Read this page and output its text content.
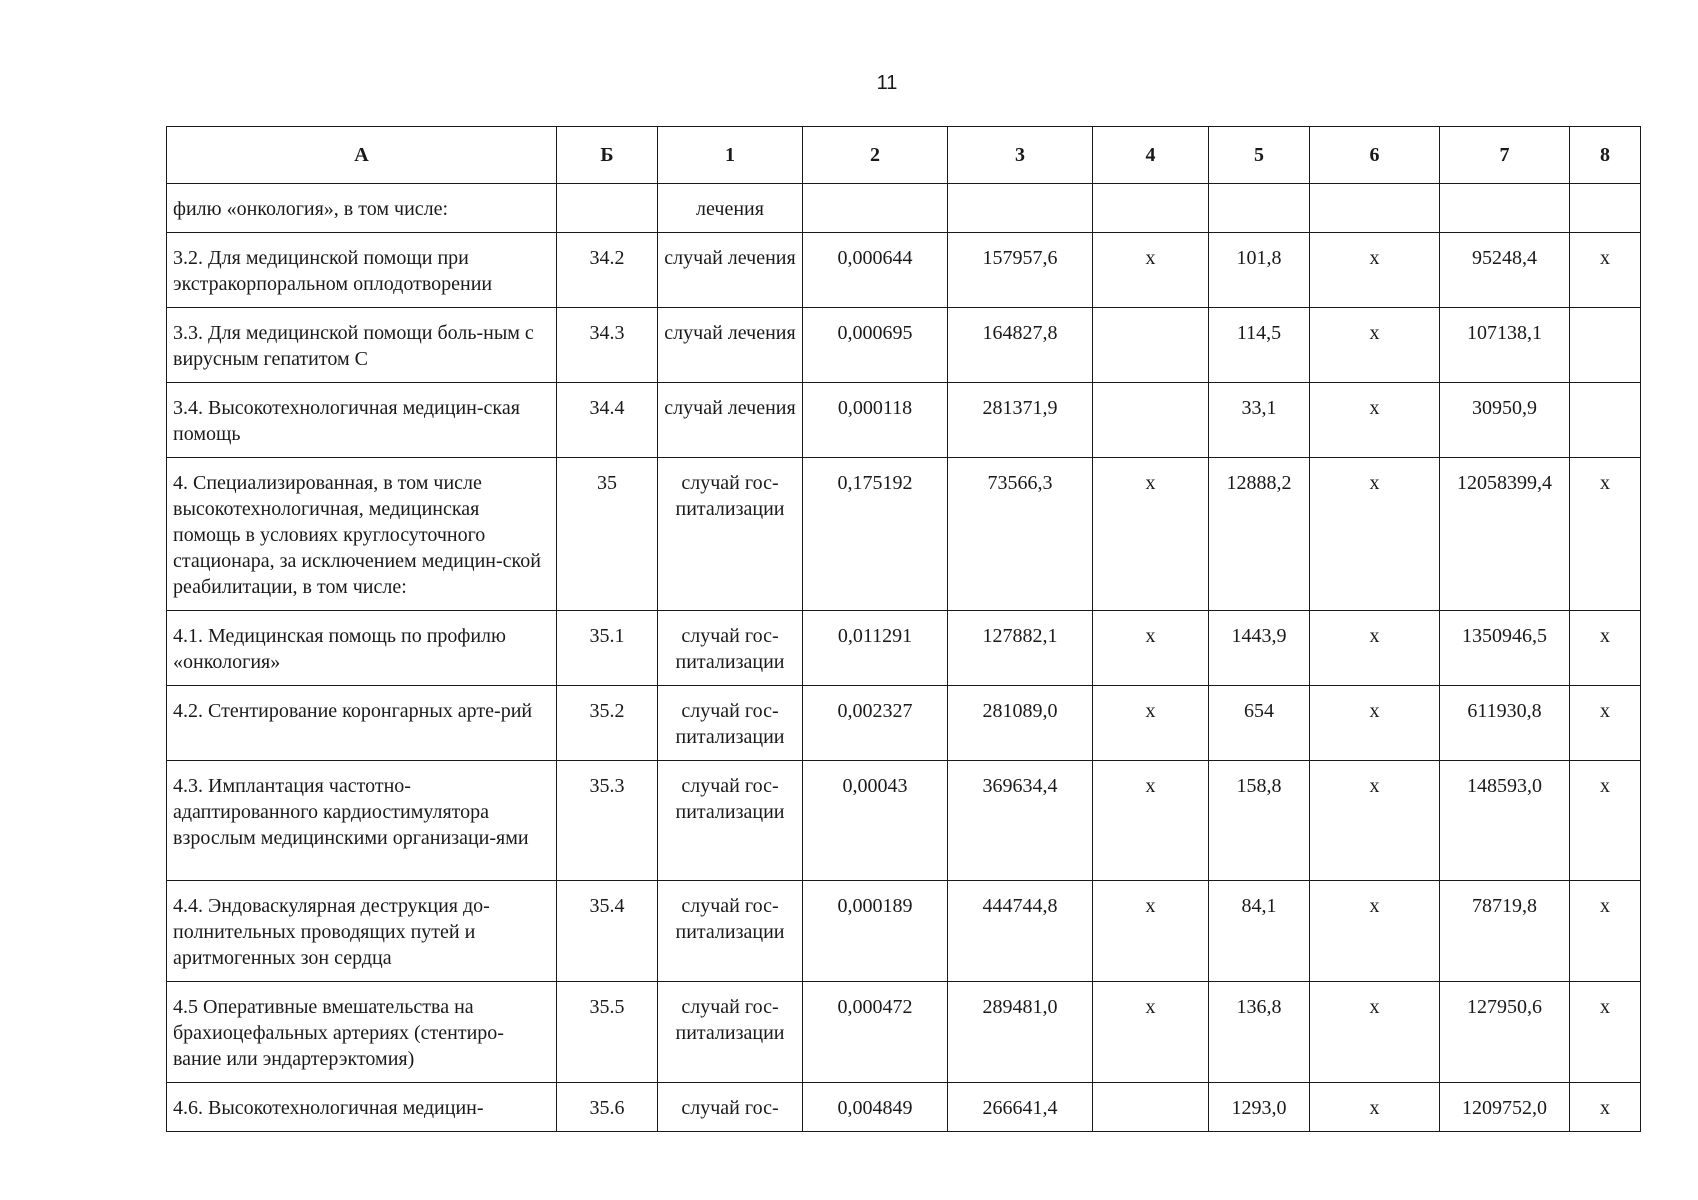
11
А	Б	1	2	3	4	5	6	7	8
филю «онкология», в том числе:		лечения							
3.2. Для медицинской помощи при экстракорпоральном оплодотворении	34.2	случай лечения	0,000644	157957,6	х	101,8	х	95248,4	х
3.3. Для медицинской помощи боль-ным с вирусным гепатитом С	34.3	случай лечения	0,000695	164827,8		114,5	х	107138,1	
3.4. Высокотехнологичная медицин-ская помощь	34.4	случай лечения	0,000118	281371,9		33,1	х	30950,9	
4. Специализированная, в том числе высокотехнологичная, медицинская помощь в условиях круглосуточного стационара, за исключением медицин-ской реабилитации, в том числе:	35	случай гос-питализации	0,175192	73566,3	х	12888,2	х	12058399,4	х
4.1. Медицинская помощь по профилю «онкология»	35.1	случай гос-питализации	0,011291	127882,1	х	1443,9	х	1350946,5	х
4.2. Стентирование коронгарных арте-рий	35.2	случай гос-питализации	0,002327	281089,0	х	654	х	611930,8	х
4.3. Имплантация частотно-адаптированного кардиостимулятора взрослым медицинскими организаци-ями	35.3	случай гос-питализации	0,00043	369634,4	х	158,8	х	148593,0	х
4.4. Эндоваскулярная деструкция до-полнительных проводящих путей и аритмогенных зон сердца	35.4	случай гос-питализации	0,000189	444744,8	х	84,1	х	78719,8	х
4.5 Оперативные вмешательства на брахиоцефальных артериях (стентиро-вание или эндартерэктомия)	35.5	случай гос-питализации	0,000472	289481,0	х	136,8	х	127950,6	х
4.6. Высокотехнологичная медицин-	35.6	случай гос-	0,004849	266641,4		1293,0	х	1209752,0	х
